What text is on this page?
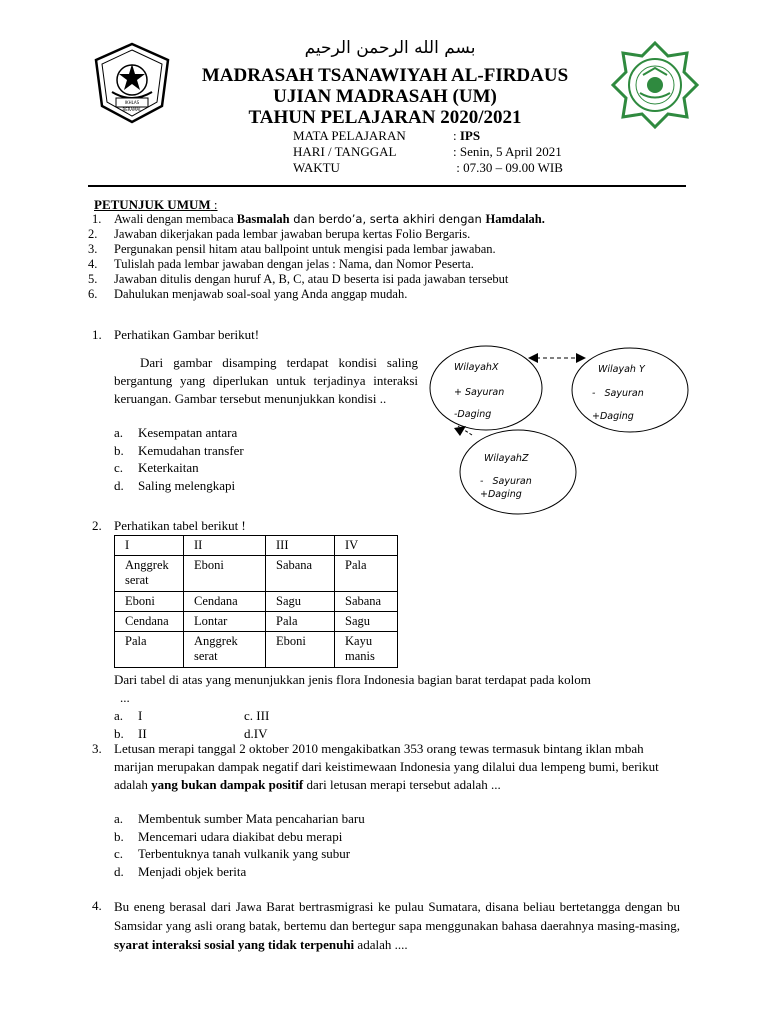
بسم الله الرحمن الرحيم
IKHLAS BERAMAL
MADRASAH TSANAWIYAH AL-FIRDAUS
UJIAN MADRASAH (UM)
TAHUN PELAJARAN 2020/2021
MATA PELAJARAN	: IPS
HARI / TANGGAL	: Senin, 5 April 2021
WAKTU	: 07.30 – 09.00 WIB
PETUNJUK UMUM :
1. Awali dengan membaca Basmalah dan berdo’a, serta akhiri dengan Hamdalah.
2. Jawaban dikerjakan pada lembar jawaban berupa kertas Folio Bergaris.
3. Pergunakan pensil hitam atau ballpoint untuk mengisi pada lembar jawaban.
4. Tulislah pada lembar jawaban dengan jelas : Nama, dan Nomor Peserta.
5. Jawaban ditulis dengan huruf A, B, C, atau D beserta isi pada jawaban tersebut
6. Dahulukan menjawab soal-soal yang Anda anggap mudah.
1. Perhatikan Gambar berikut!
Dari gambar disamping terdapat kondisi saling bergantung yang diperlukan untuk terjadinya interaksi keruangan. Gambar tersebut menunjukkan kondisi ..
a. Kesempatan antara
b. Kemudahan transfer
c. Keterkaitan
d. Saling melengkapi
WilayahX
+ Sayuran
-Daging
Wilayah Y
-   Sayuran
+Daging
WilayahZ
-   Sayuran
+Daging
2. Perhatikan tabel berikut !
I	II	III	IV
Anggrek serat	Eboni	Sabana	Pala
Eboni	Cendana	Sagu	Sabana
Cendana	Lontar	Pala	Sagu
Pala	Anggrek serat	Eboni	Kayu manis
Dari tabel di atas yang menunjukkan jenis flora Indonesia bagian barat terdapat pada kolom
...
a. I	c. III
b. II	d.IV
3. Letusan merapi tanggal 2 oktober 2010 mengakibatkan 353 orang tewas termasuk bintang iklan mbah marijan merupakan dampak negatif dari keistimewaan Indonesia yang dilalui dua lempeng bumi, berikut adalah yang bukan dampak positif dari letusan merapi tersebut adalah ...
a. Membentuk sumber Mata pencaharian baru
b. Mencemari udara diakibat debu merapi
c. Terbentuknya tanah vulkanik yang subur
d. Menjadi objek berita
4. Bu eneng berasal dari Jawa Barat bertrasmigrasi ke pulau Sumatara, disana beliau bertetangga dengan bu Samsidar yang asli orang batak, bertemu dan bertegur sapa menggunakan bahasa daerahnya masing-masing, syarat interaksi sosial yang tidak terpenuhi adalah ....
